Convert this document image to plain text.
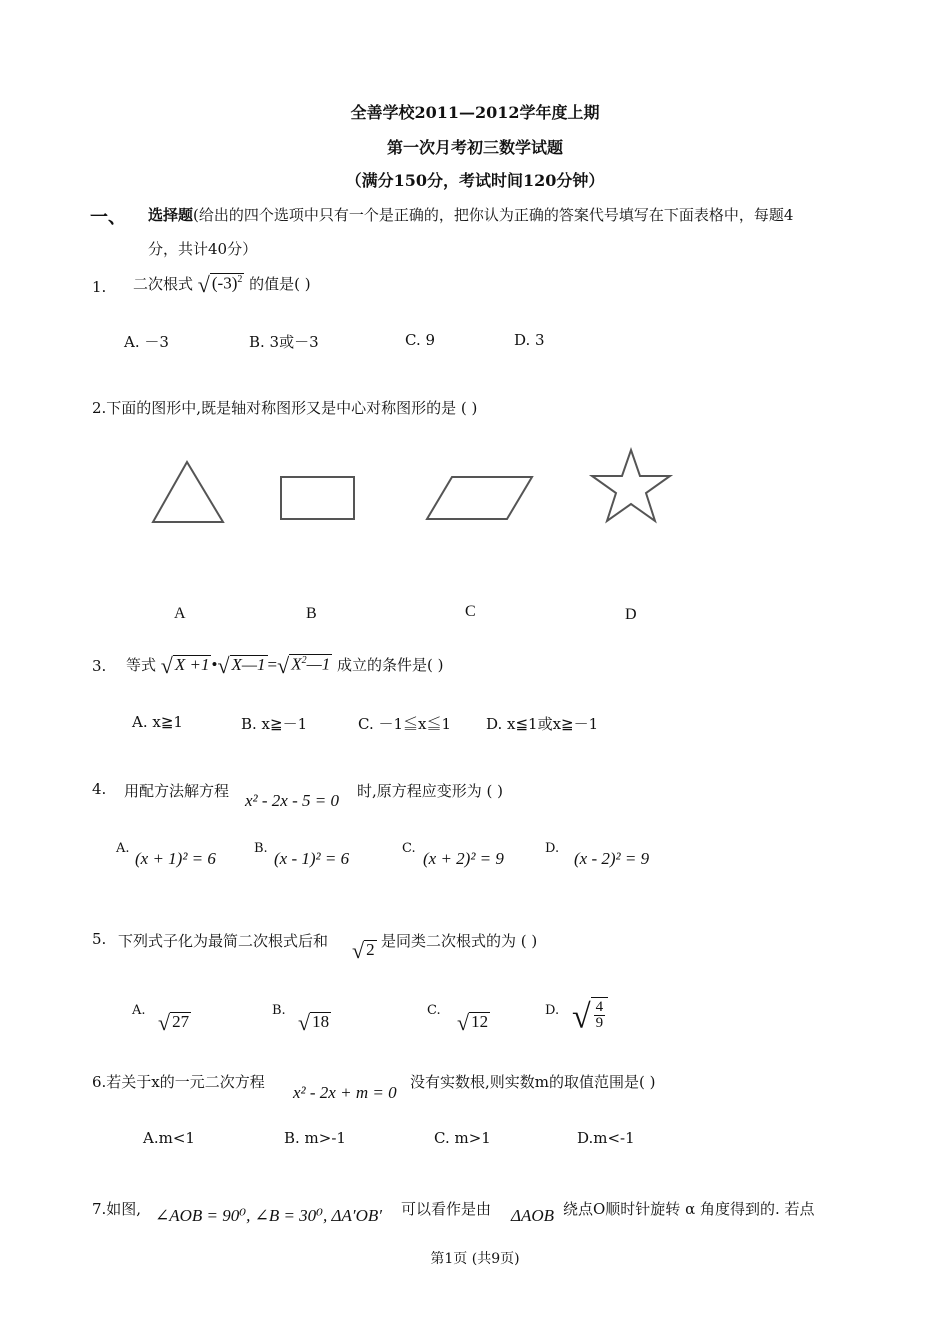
全善学校2011—2012学年度上期
第一次月考初三数学试题
（满分150分，考试时间120分钟）
一、 选择题(给出的四个选项中只有一个是正确的，把你认为正确的答案代号填写在下面表格中，每题4
分，共计40分）
1. 二次根式 √ $(-3)^2$ 的值是( )
A. －3	B. 3或－3	C. 9	D. 3
2.下面的图形中,既是轴对称图形又是中心对称图形的是 ( )
A	B	C	D
3. 等式 √ X +1 •√ X—1 =√ $X^2—1$ 成立的条件是( )
A. x≧1	B. x≧－1	C. －1≦x≦1 D. x≦1或x≧－1
4. 用配方法解方程 x² - 2x - 5 = 0 时,原方程应变形为 ( )
A.
(x + 1)² = 6
B.
(x - 1)² = 6
C.
(x + 2)² = 9
D.
(x - 2)² = 9
5. 下列式子化为最简二次根式后和 √ 2 是同类二次根式的为 ( )
A. √ 27
B. √ 18
C. √ 12
D. √ $\frac{4}{9}$
6.若关于x的一元二次方程
x² - 2x + m = 0
没有实数根,则实数m的取值范围是( )
A.m<1	B. m>-1	C. m>1	D.m<-1
7.如图, ∠AOB = 90⁰, ∠B = 30⁰, ΔA′OB′ 可以看作是由 ΔAOB 绕点O顺时针旋转 α 角度得到的. 若点
第1页 (共9页)
